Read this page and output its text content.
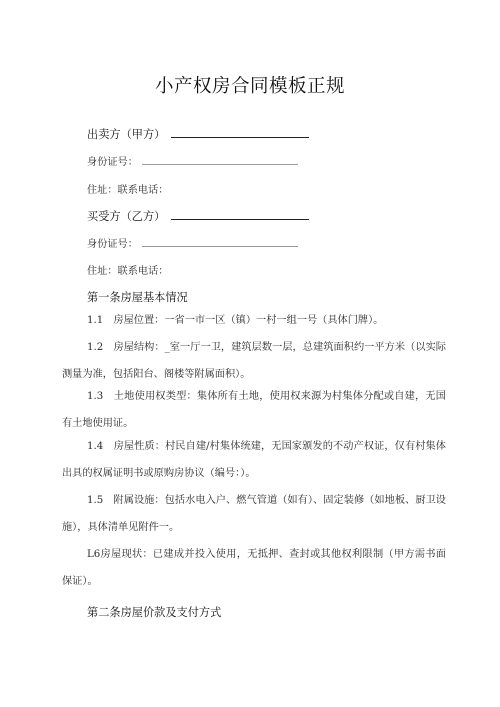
小产权房合同模板正规
出卖方（甲方）
身份证号：
住址：联系电话：
买受方（乙方）
身份证号：
住址：联系电话：
第一条房屋基本情况

1.1　房屋位置：一省一市一区（镇）一村一组一号（具体门牌）。

1.2　房屋结构：_室一厅一卫，建筑层数一层，总建筑面积约一平方米（以实际测量为准，包括阳台、阁楼等附属面积）。

1.3　土地使用权类型：集体所有土地，使用权来源为村集体分配或自建，无国有土地使用证。

1.4　房屋性质：村民自建/村集体统建，无国家颁发的不动产权证，仅有村集体出具的权属证明书或原购房协议（编号：）。

1.5　附属设施：包括水电入户、燃气管道（如有）、固定装修（如地板、厨卫设施），具体清单见附件一。

L6房屋现状：已建成并投入使用，无抵押、查封或其他权利限制（甲方需书面保证）。

第二条房屋价款及支付方式
